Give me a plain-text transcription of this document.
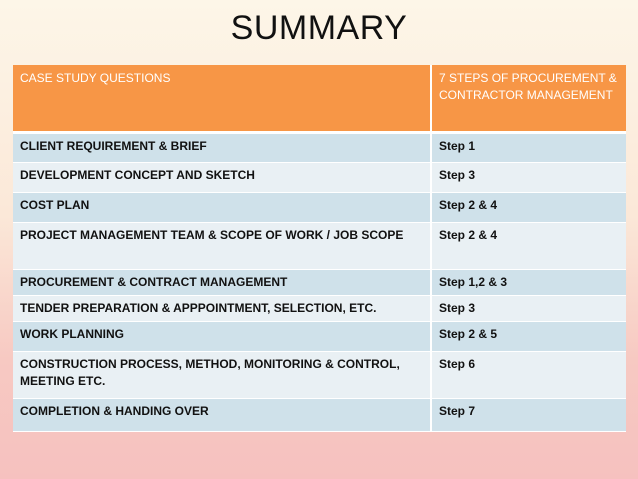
SUMMARY
CASE STUDY QUESTIONS	7 STEPS OF PROCUREMENT & CONTRACTOR MANAGEMENT
CLIENT REQUIREMENT & BRIEF	Step 1
DEVELOPMENT CONCEPT AND SKETCH	Step 3
COST PLAN	Step 2 & 4
PROJECT MANAGEMENT TEAM & SCOPE OF WORK / JOB SCOPE	Step 2 & 4
PROCUREMENT & CONTRACT MANAGEMENT	Step 1,2 & 3
TENDER PREPARATION & APPPOINTMENT, SELECTION, ETC.	Step 3
WORK PLANNING	Step 2 & 5
CONSTRUCTION PROCESS, METHOD, MONITORING & CONTROL, MEETING ETC.	Step 6
COMPLETION & HANDING OVER	Step 7
